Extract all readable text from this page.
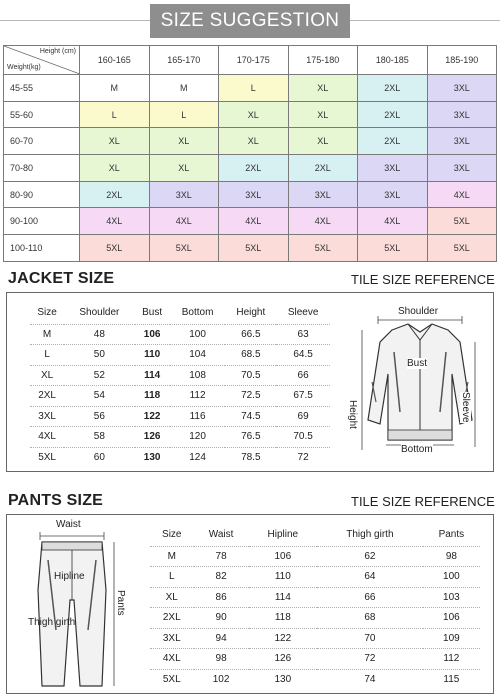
SIZE SUGGESTION
Height (cm)
Weight(kg)	160-165	165-170	170-175	175-180	180-185	185-190
45-55	M	M	L	XL	2XL	3XL
55-60	L	L	XL	XL	2XL	3XL
60-70	XL	XL	XL	XL	2XL	3XL
70-80	XL	XL	2XL	2XL	3XL	3XL
80-90	2XL	3XL	3XL	3XL	3XL	4XL
90-100	4XL	4XL	4XL	4XL	4XL	5XL
100-110	5XL	5XL	5XL	5XL	5XL	5XL
JACKET SIZE	TILE SIZE REFERENCE
Size	Shoulder	Bust	Bottom	Height	Sleeve
M	48	106	100	66.5	63
L	50	110	104	68.5	64.5
XL	52	114	108	70.5	66
2XL	54	118	112	72.5	67.5
3XL	56	122	116	74.5	69
4XL	58	126	120	76.5	70.5
5XL	60	130	124	78.5	72
Shoulder
Bust
Height	Sleeve
Bottom
PANTS SIZE	TILE SIZE REFERENCE
Size	Waist	Hipline	Thigh girth	Pants
M	78	106	62	98
L	82	110	64	100
XL	86	114	66	103
2XL	90	118	68	106
3XL	94	122	70	109
4XL	98	126	72	112
5XL	102	130	74	115
Waist
Hipline
Thigh girth
Pants
